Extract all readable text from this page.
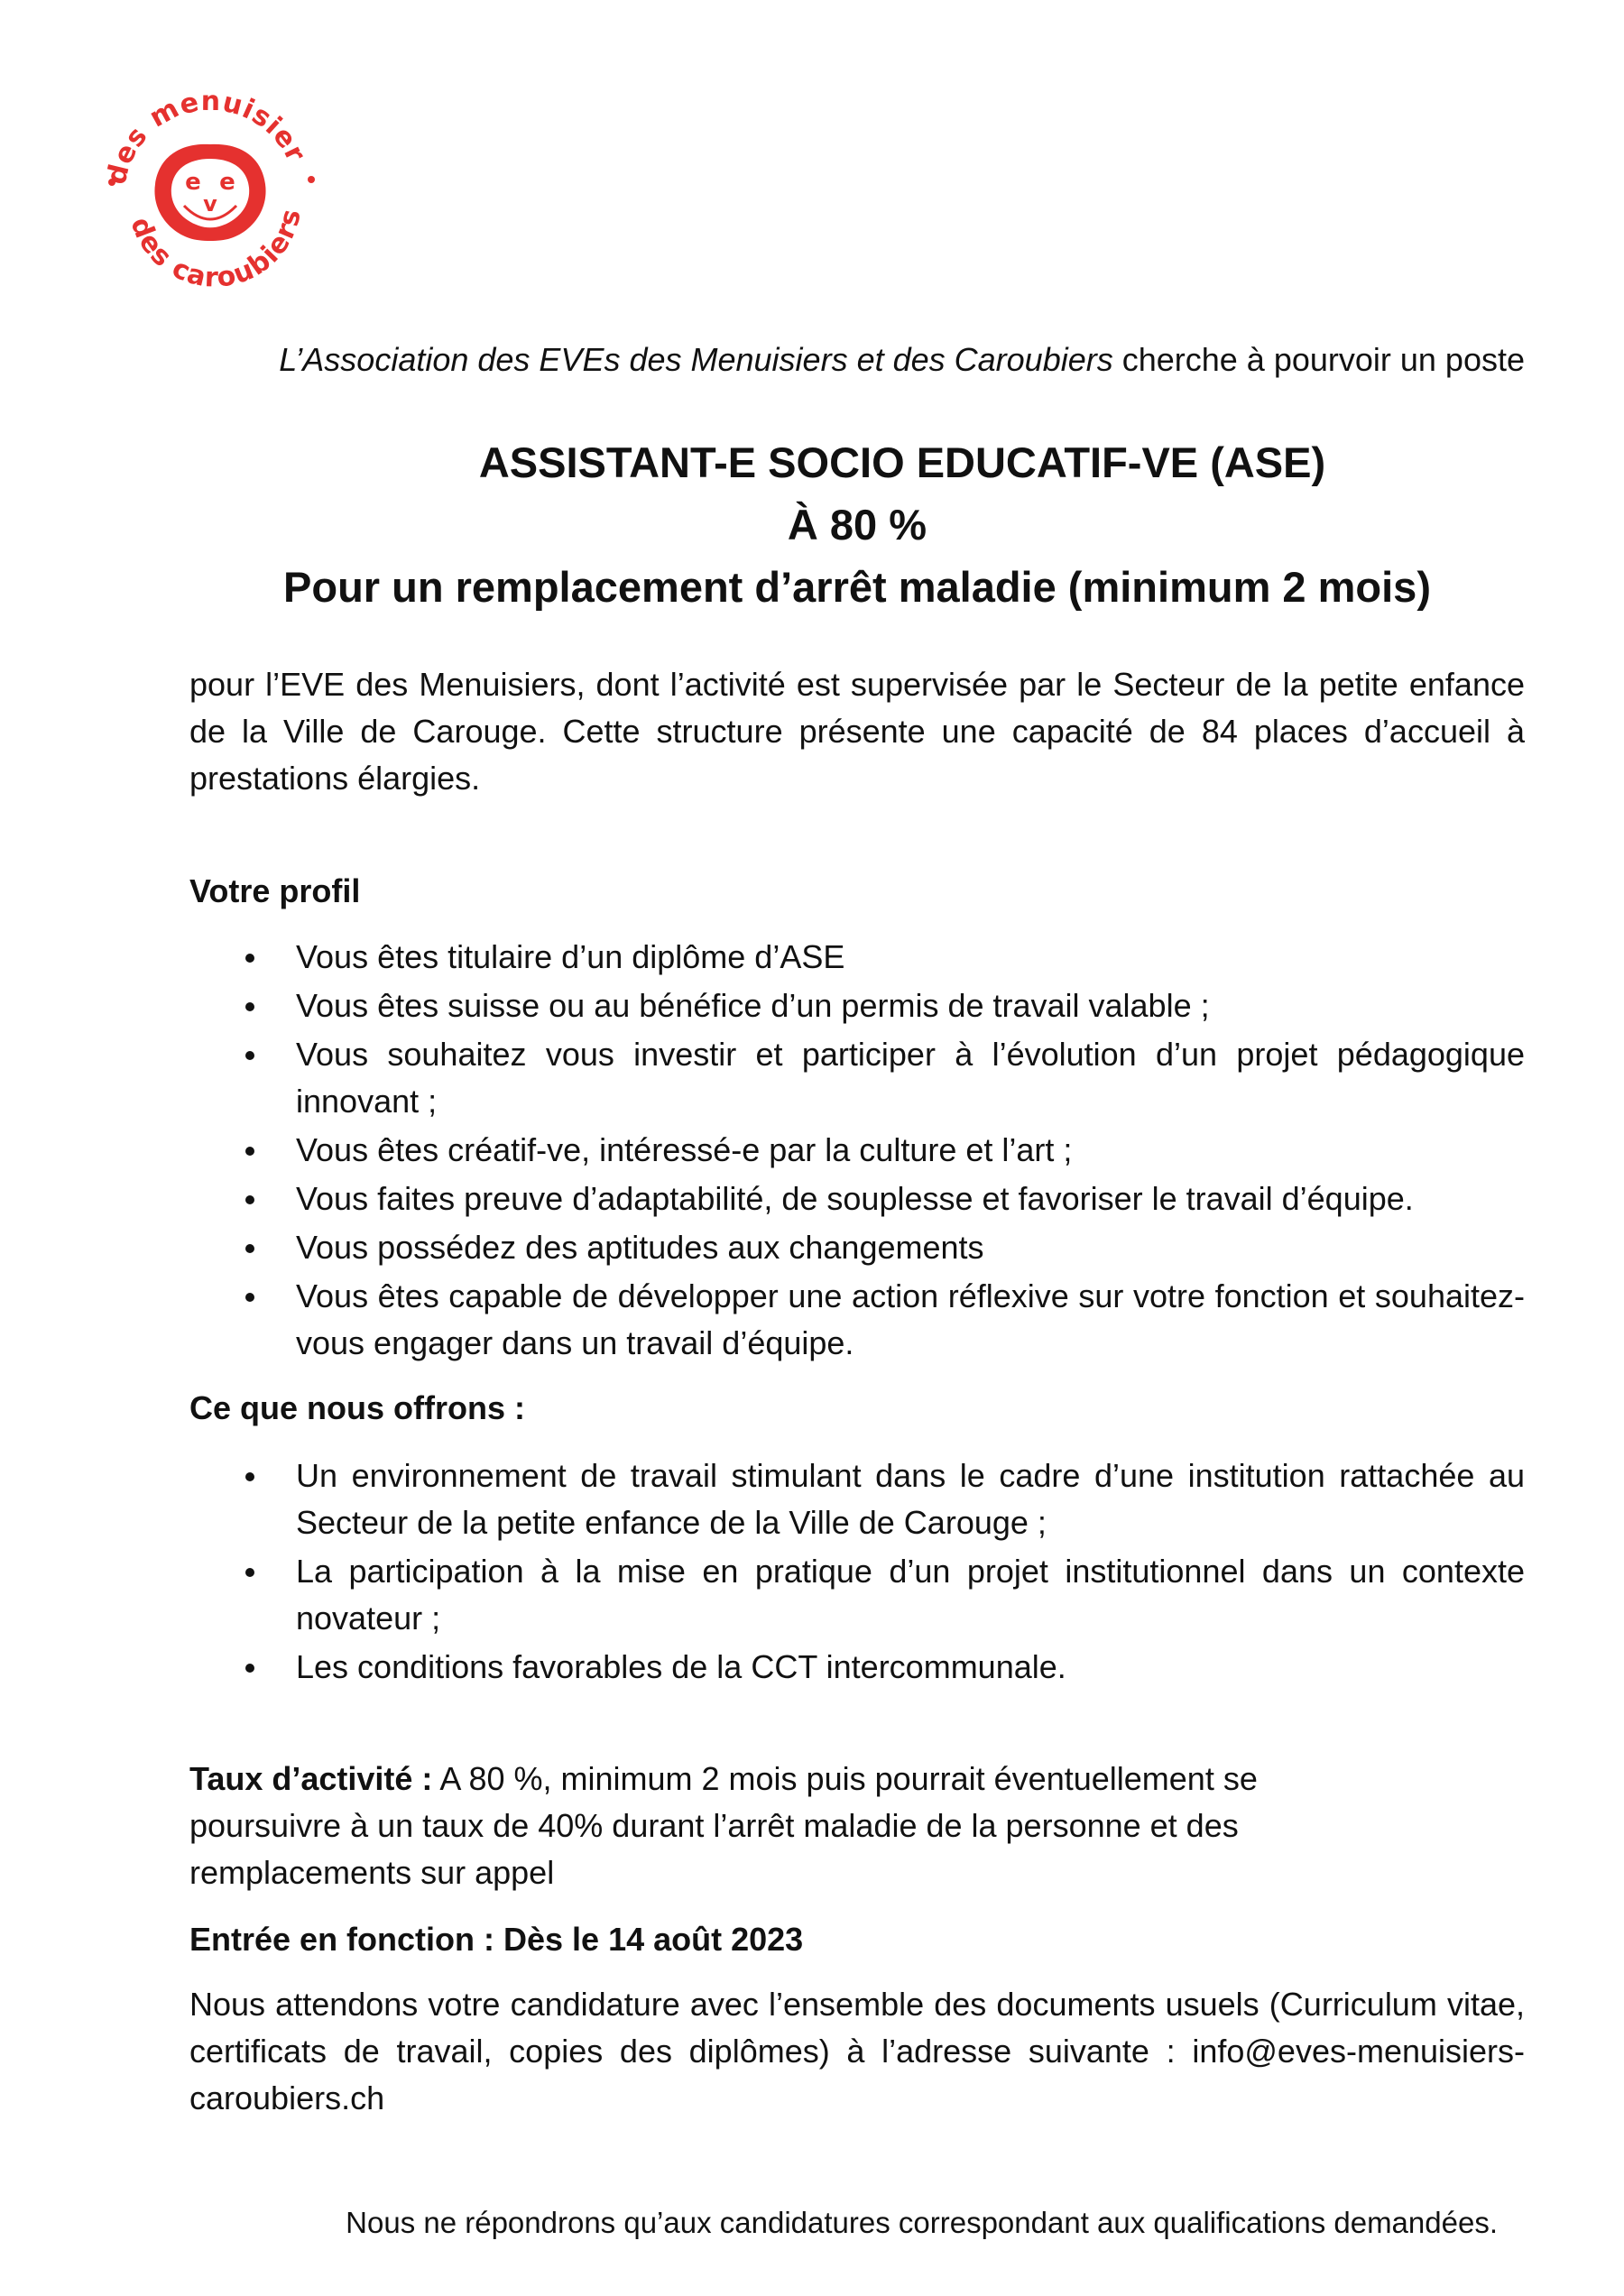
des menuisier
des caroubiers
e e
v

L’Association des EVEs des Menuisiers et des Caroubiers cherche à pourvoir un poste

ASSISTANT-E SOCIO EDUCATIF-VE (ASE)
À 80 %
Pour un remplacement d’arrêt maladie (minimum 2 mois)

pour l’EVE des Menuisiers, dont l’activité est supervisée par le Secteur de la petite enfance de la Ville de Carouge. Cette structure présente une capacité de 84 places d’accueil à prestations élargies.

Votre profil
Vous êtes titulaire d’un diplôme d’ASE
Vous êtes suisse ou au bénéfice d’un permis de travail valable ;
Vous souhaitez vous investir et participer à l’évolution d’un projet pédagogique innovant ;
Vous êtes créatif-ve, intéressé-e par la culture et l’art ;
Vous faites preuve d’adaptabilité, de souplesse et favoriser le travail d’équipe.
Vous possédez des aptitudes aux changements
Vous êtes capable de développer une action réflexive sur votre fonction et souhaitez-vous engager dans un travail d’équipe.
Ce que nous offrons :
Un environnement de travail stimulant dans le cadre d’une institution rattachée au Secteur de la petite enfance de la Ville de Carouge ;
La participation à la mise en pratique d’un projet institutionnel dans un contexte novateur ;
Les conditions favorables de la CCT intercommunale.

Taux d’activité : A 80 %, minimum 2 mois puis pourrait éventuellement se poursuivre à un taux de 40% durant l’arrêt maladie de la personne et des remplacements sur appel

Entrée en fonction : Dès le 14 août 2023

Nous attendons votre candidature avec l’ensemble des documents usuels (Curriculum vitae, certificats de travail, copies des diplômes) à l’adresse suivante : info@eves-menuisiers-caroubiers.ch

Nous ne répondrons qu’aux candidatures correspondant aux qualifications demandées.
